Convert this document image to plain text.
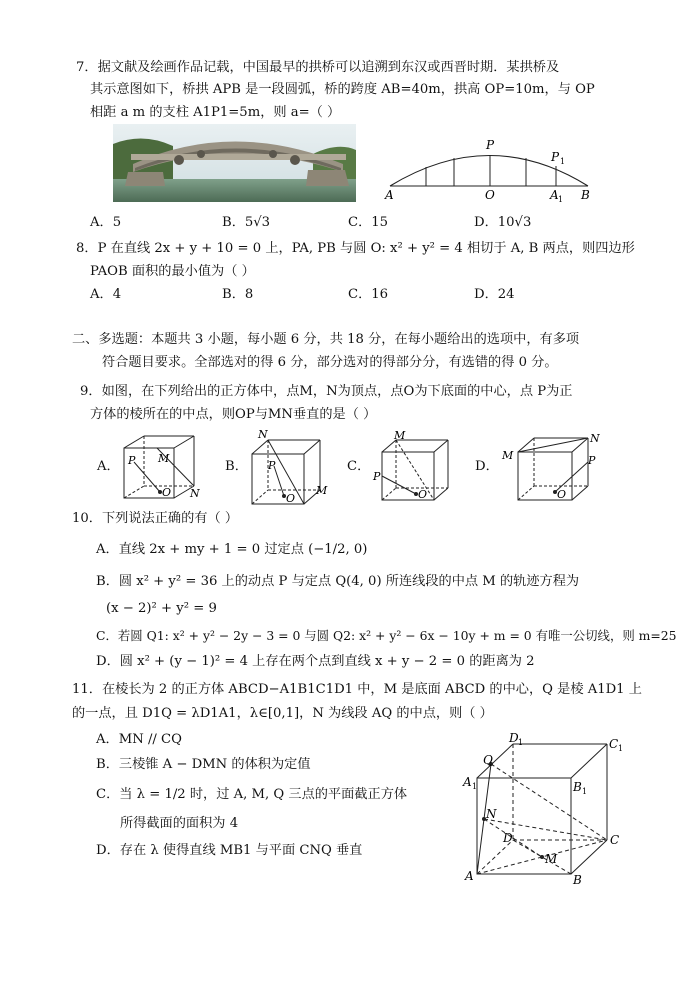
7．据文献及绘画作品记载，中国最早的拱桥可以追溯到东汉或西晋时期．某拱桥及
其示意图如下，桥拱 APB 是一段圆弧，桥的跨度 AB=40m，拱高 OP=10m，与 OP
相距 a m 的支柱 A1P1=5m，则 a=（ ）
P
P 1
A	O	A 1 B
A．5	B．5√3	C．15	D．10√3
8．P 在直线 2x + y + 10 = 0 上，PA, PB 与圆 O: x² + y² = 4 相切于 A, B 两点，则四边形
PAOB 面积的最小值为（ ）
A．4	B．8	C．16	D．24
二、多选题：本题共 3 小题，每小题 6 分，共 18 分，在每小题给出的选项中，有多项
符合题目要求。全部选对的得 6 分，部分选对的得部分分，有选错的得 0 分。
9．如图，在下列给出的正方体中，点M，N为顶点，点O为下底面的中心，点 P为正
方体的棱所在的中点，则OP与MN垂直的是（ ）
A．	B．	C．	D．
P M
O N
N
P
O
M
M
P
O
M
N
P
O
10．下列说法正确的有（ ）
A．直线 2x + my + 1 = 0 过定点 (−1/2, 0)
B．圆 x² + y² = 36 上的动点 P 与定点 Q(4, 0) 所连线段的中点 M 的轨迹方程为
(x − 2)² + y² = 9
C．若圆 Q1: x² + y² − 2y − 3 = 0 与圆 Q2: x² + y² − 6x − 10y + m = 0 有唯一公切线，则 m=25
D．圆 x² + (y − 1)² = 4 上存在两个点到直线 x + y − 2 = 0 的距离为 2
11．在棱长为 2 的正方体 ABCD−A1B1C1D1 中，M 是底面 ABCD 的中心，Q 是棱 A1D1 上
的一点，且 D1Q = λD1A1，λ∈[0,1]，N 为线段 AQ 的中点，则（ ）
A．MN // CQ
B．三棱锥 A − DMN 的体积为定值
C．当 λ = 1/2 时，过 A, M, Q 三点的平面截正方体
所得截面的面积为 4
D．存在 λ 使得直线 MB1 与平面 CNQ 垂直
D 1	C 1
Q
A 1	B 1
N
D	C
M
A	B
